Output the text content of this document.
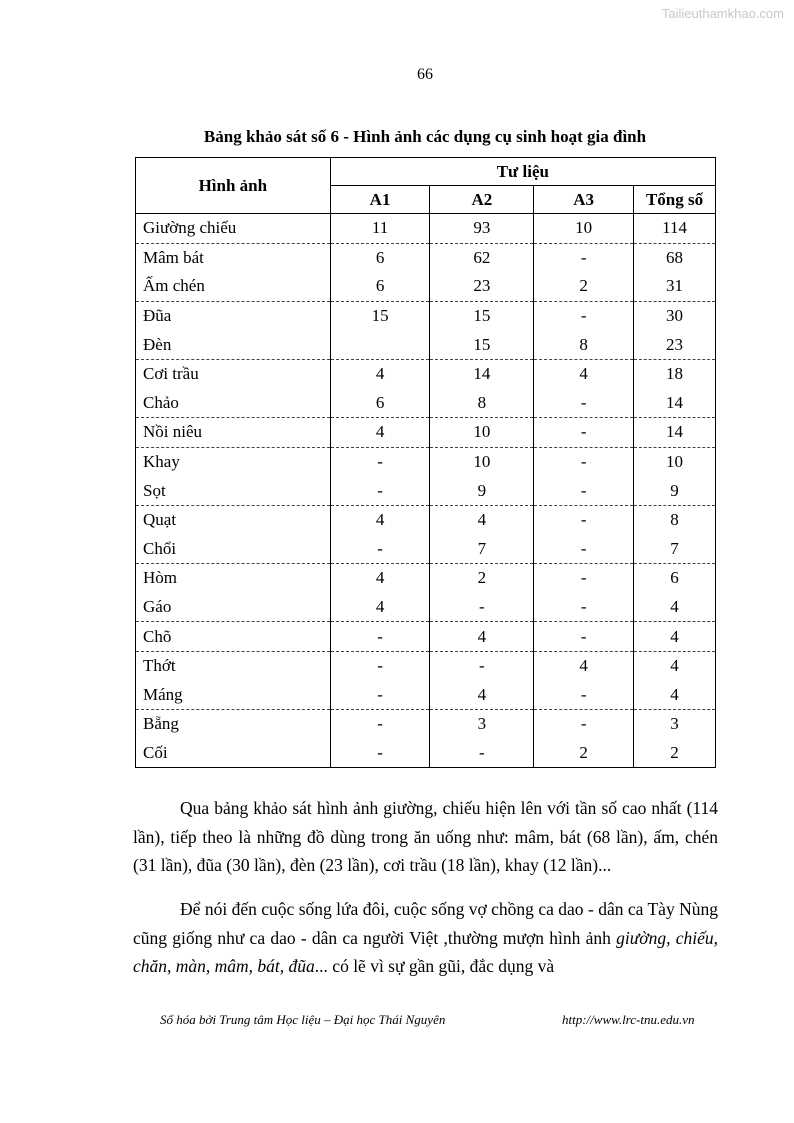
Tailieuthamkhao.com
66
Bảng khảo sát số 6 - Hình ảnh các dụng cụ sinh hoạt gia đình
Hình ảnh	Tư liệu			
	A1	A2	A3	Tổng số
Giường chiếu	11	93	10	114
Mâm bát	6	62	-	68
Ấm chén	6	23	2	31
Đũa	15	15	-	30
Đèn		15	8	23
Cơi trầu	4	14	4	18
Chảo	6	8	-	14
Nồi niêu	4	10	-	14
Khay	-	10	-	10
Sọt	-	9	-	9
Quạt	4	4	-	8
Chổi	-	7	-	7
Hòm	4	2	-	6
Gáo	4	-	-	4
Chõ	-	4	-	4
Thớt	-	-	4	4
Máng	-	4	-	4
Bẵng	-	3	-	3
Cối	-	-	2	2

Qua bảng khảo sát hình ảnh giường, chiếu hiện lên với tần số cao nhất (114 lần), tiếp theo là những đồ dùng trong ăn uống như: mâm, bát (68 lần), ấm, chén (31 lần), đũa (30 lần), đèn (23 lần), cơi trầu (18 lần), khay (12 lần)...

Để nói đến cuộc sống lứa đôi, cuộc sống vợ chồng ca dao - dân ca Tày Nùng cũng giống như ca dao - dân ca người Việt ,thường mượn hình ảnh giường, chiếu, chăn, màn, mâm, bát, đũa... có lẽ vì sự gần gũi, đắc dụng và

Số hóa bởi Trung tâm Học liệu – Đại học Thái Nguyên	http://www.lrc-tnu.edu.vn
